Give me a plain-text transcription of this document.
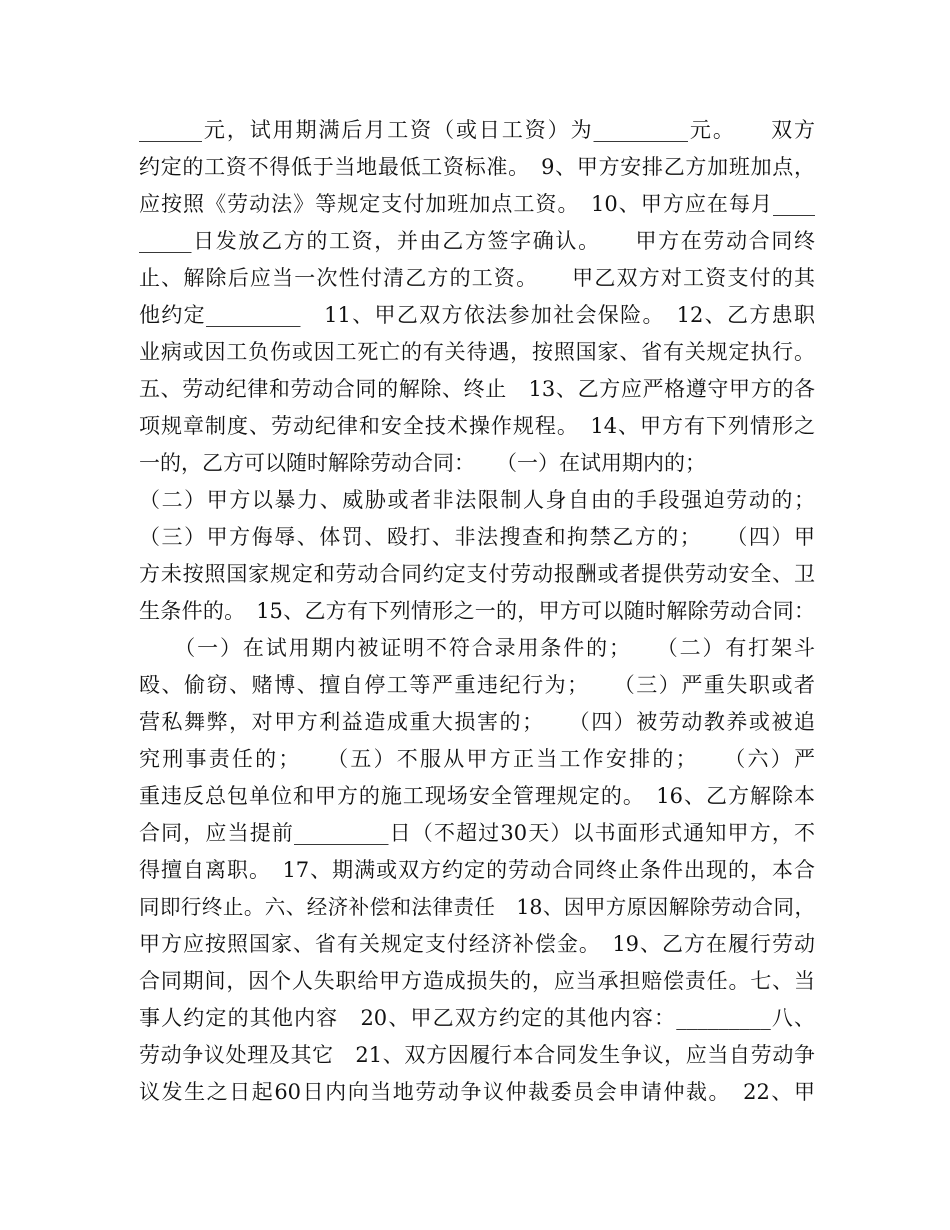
______元，试用期满后月工资（或日工资）为_________元。　　双方
约定的工资不得低于当地最低工资标准。　9、甲方安排乙方加班加点，
应按照《劳动法》等规定支付加班加点工资。　10、甲方应在每月____
_____日发放乙方的工资，并由乙方签字确认。　　甲方在劳动合同终
止、解除后应当一次性付清乙方的工资。　　甲乙双方对工资支付的其
他约定_________　11、甲乙双方依法参加社会保险。　12、乙方患职
业病或因工负伤或因工死亡的有关待遇，按照国家、省有关规定执行。
五、劳动纪律和劳动合同的解除、终止　13、乙方应严格遵守甲方的各
项规章制度、劳动纪律和安全技术操作规程。　14、甲方有下列情形之
一的，乙方可以随时解除劳动合同：　　（一）在试用期内的；
（二）甲方以暴力、威胁或者非法限制人身自由的手段强迫劳动的；
（三）甲方侮辱、体罚、殴打、非法搜查和拘禁乙方的；　　（四）甲
方未按照国家规定和劳动合同约定支付劳动报酬或者提供劳动安全、卫
生条件的。　15、乙方有下列情形之一的，甲方可以随时解除劳动合同：
　　（一）在试用期内被证明不符合录用条件的；　　（二）有打架斗
殴、偷窃、赌博、擅自停工等严重违纪行为；　　（三）严重失职或者
营私舞弊，对甲方利益造成重大损害的；　　（四）被劳动教养或被追
究刑事责任的；　　（五）不服从甲方正当工作安排的；　　（六）严
重违反总包单位和甲方的施工现场安全管理规定的。　16、乙方解除本
合同，应当提前_________日（不超过30天）以书面形式通知甲方，不
得擅自离职。　17、期满或双方约定的劳动合同终止条件出现的，本合
同即行终止。六、经济补偿和法律责任　18、因甲方原因解除劳动合同，
甲方应按照国家、省有关规定支付经济补偿金。　19、乙方在履行劳动
合同期间，因个人失职给甲方造成损失的，应当承担赔偿责任。七、当
事人约定的其他内容　20、甲乙双方约定的其他内容：_________八、
劳动争议处理及其它　21、双方因履行本合同发生争议，应当自劳动争
议发生之日起60日内向当地劳动争议仲裁委员会申请仲裁。　22、甲
